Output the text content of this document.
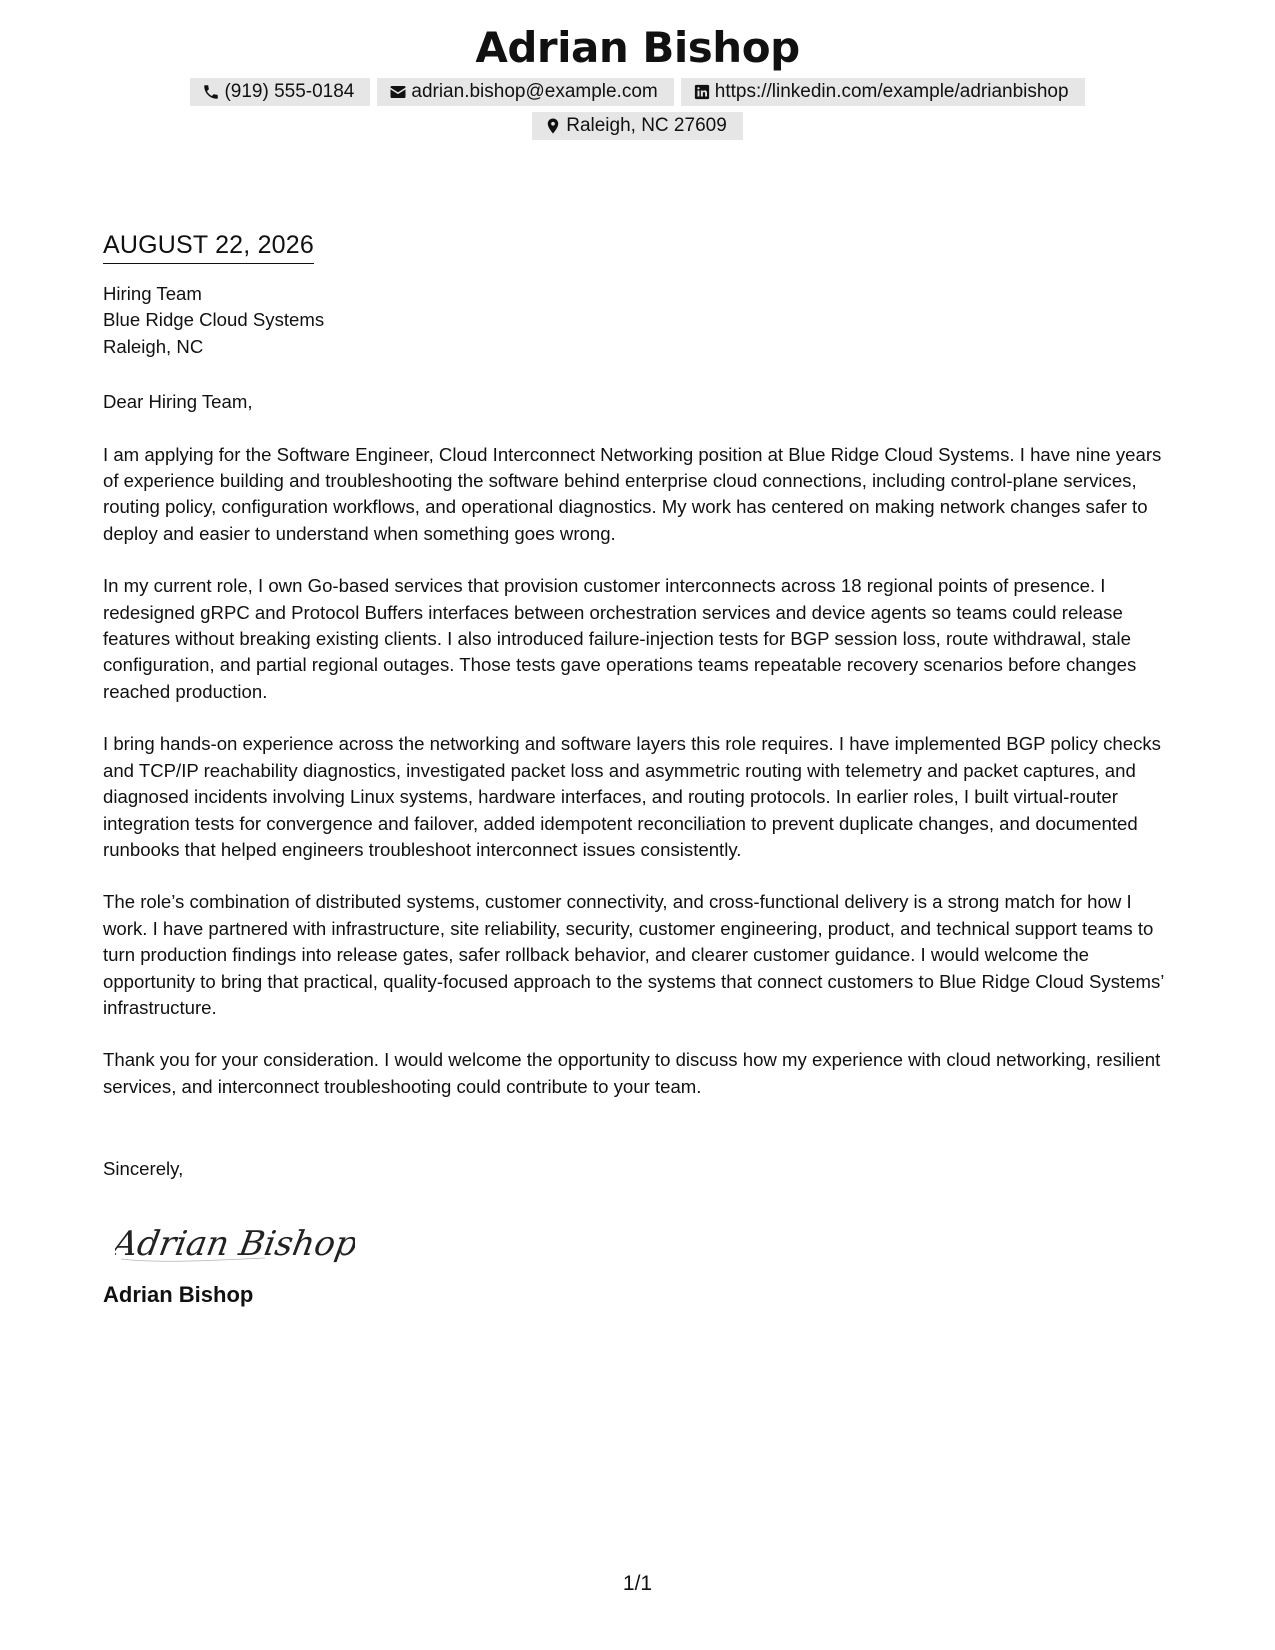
Adrian Bishop
(919) 555-0184	adrian.bishop@example.com	https://linkedin.com/example/adrianbishop
Raleigh, NC 27609
AUGUST 22, 2026
Hiring Team
Blue Ridge Cloud Systems
Raleigh, NC
Dear Hiring Team,

I am applying for the Software Engineer, Cloud Interconnect Networking position at Blue Ridge Cloud Systems. I have nine years of experience building and troubleshooting the software behind enterprise cloud connections, including control-plane services, routing policy, configuration workflows, and operational diagnostics. My work has centered on making network changes safer to deploy and easier to understand when something goes wrong.

In my current role, I own Go-based services that provision customer interconnects across 18 regional points of presence. I redesigned gRPC and Protocol Buffers interfaces between orchestration services and device agents so teams could release features without breaking existing clients. I also introduced failure-injection tests for BGP session loss, route withdrawal, stale configuration, and partial regional outages. Those tests gave operations teams repeatable recovery scenarios before changes reached production.

I bring hands-on experience across the networking and software layers this role requires. I have implemented BGP policy checks and TCP/IP reachability diagnostics, investigated packet loss and asymmetric routing with telemetry and packet captures, and diagnosed incidents involving Linux systems, hardware interfaces, and routing protocols. In earlier roles, I built virtual-router integration tests for convergence and failover, added idempotent reconciliation to prevent duplicate changes, and documented runbooks that helped engineers troubleshoot interconnect issues consistently.

The role’s combination of distributed systems, customer connectivity, and cross-functional delivery is a strong match for how I work. I have partnered with infrastructure, site reliability, security, customer engineering, product, and technical support teams to turn production findings into release gates, safer rollback behavior, and clearer customer guidance. I would welcome the opportunity to bring that practical, quality-focused approach to the systems that connect customers to Blue Ridge Cloud Systems’ infrastructure.

Thank you for your consideration. I would welcome the opportunity to discuss how my experience with cloud networking, resilient services, and interconnect troubleshooting could contribute to your team.

Sincerely,
Adrian Bishop
Adrian Bishop
1/1
